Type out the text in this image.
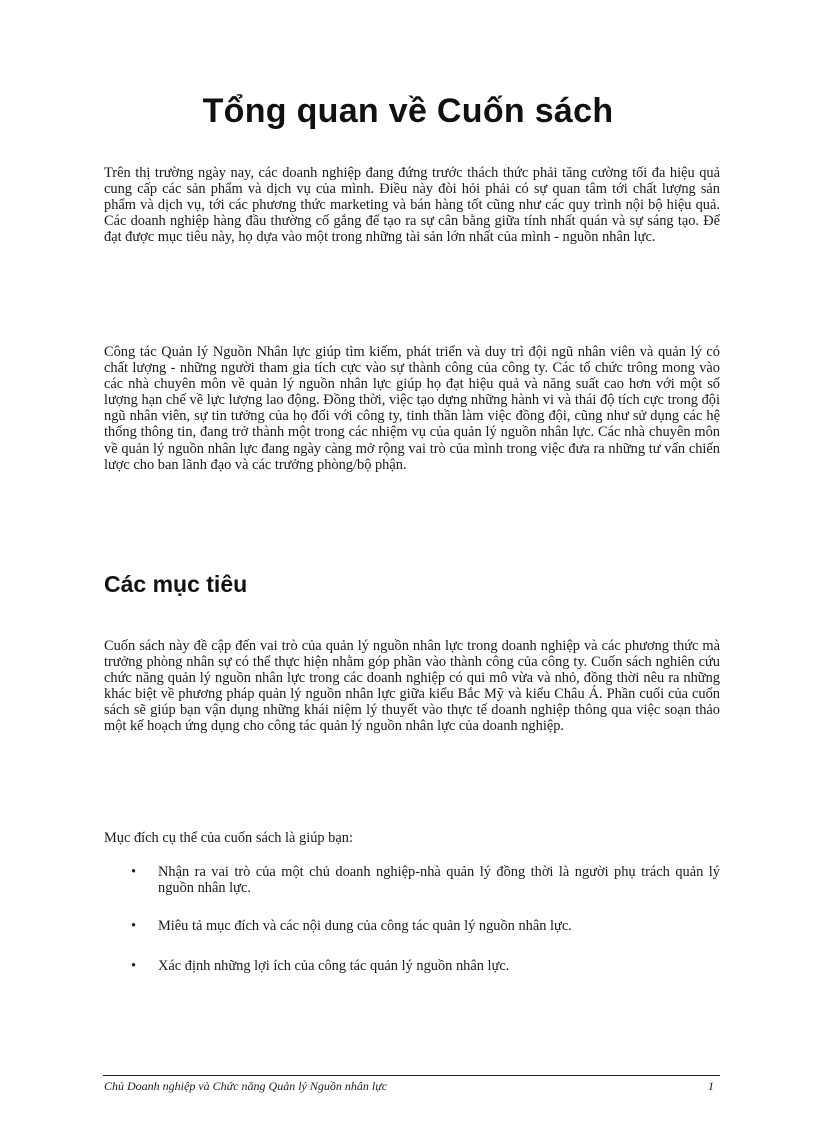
Tổng quan về Cuốn sách

Trên thị trường ngày nay, các doanh nghiệp đang đứng trước thách thức phải tăng cường tối đa hiệu quả cung cấp các sản phẩm và dịch vụ của mình. Điều này đòi hỏi phải có sự quan tâm tới chất lượng sản phẩm và dịch vụ, tới các phương thức marketing và bán hàng tốt cũng như các quy trình nội bộ hiệu quả. Các doanh nghiệp hàng đầu thường cố gắng để tạo ra sự cân bằng giữa tính nhất quán và sự sáng tạo. Để đạt được mục tiêu này, họ dựa vào một trong những tài sản lớn nhất của mình - nguồn nhân lực.

Công tác Quản lý Nguồn Nhân lực giúp tìm kiếm, phát triển và duy trì đội ngũ nhân viên và quản lý có chất lượng - những người tham gia tích cực vào sự thành công của công ty. Các tổ chức trông mong vào các nhà chuyên môn về quản lý nguồn nhân lực giúp họ đạt hiệu quả và năng suất cao hơn với một số lượng hạn chế về lực lượng lao động. Đồng thời, việc tạo dựng những hành vi và thái độ tích cực trong đội ngũ nhân viên, sự tin tưởng của họ đối với công ty, tinh thần làm việc đồng đội, cũng như sử dụng các hệ thống thông tin, đang trở thành một trong các nhiệm vụ của quản lý nguồn nhân lực. Các nhà chuyên môn về quản lý nguồn nhân lực đang ngày càng mở rộng vai trò của mình trong việc đưa ra những tư vấn chiến lược cho ban lãnh đạo và các trưởng phòng/bộ phận.

Các mục tiêu

Cuốn sách này đề cập đến vai trò của quản lý nguồn nhân lực trong doanh nghiệp và các phương thức mà trưởng phòng nhân sự có thể thực hiện nhằm góp phần vào thành công của công ty. Cuốn sách nghiên cứu chức năng quản lý nguồn nhân lực trong các doanh nghiệp có qui mô vừa và nhỏ, đồng thời nêu ra những khác biệt về phương pháp quản lý nguồn nhân lực giữa kiểu Bắc Mỹ và kiểu Châu Á. Phần cuối của cuốn sách sẽ giúp bạn vận dụng những khái niệm lý thuyết vào thực tế doanh nghiệp thông qua việc soạn thảo một kế hoạch ứng dụng cho công tác quản lý nguồn nhân lực của doanh nghiệp.

Mục đích cụ thể của cuốn sách là giúp bạn:

• Nhận ra vai trò của một chủ doanh nghiệp-nhà quản lý đồng thời là người phụ trách quản lý nguồn nhân lực.
• Miêu tả mục đích và các nội dung của công tác quản lý nguồn nhân lực.
• Xác định những lợi ích của công tác quản lý nguồn nhân lực.
Chủ Doanh nghiệp và Chức năng Quản lý Nguồn nhân lực	1
